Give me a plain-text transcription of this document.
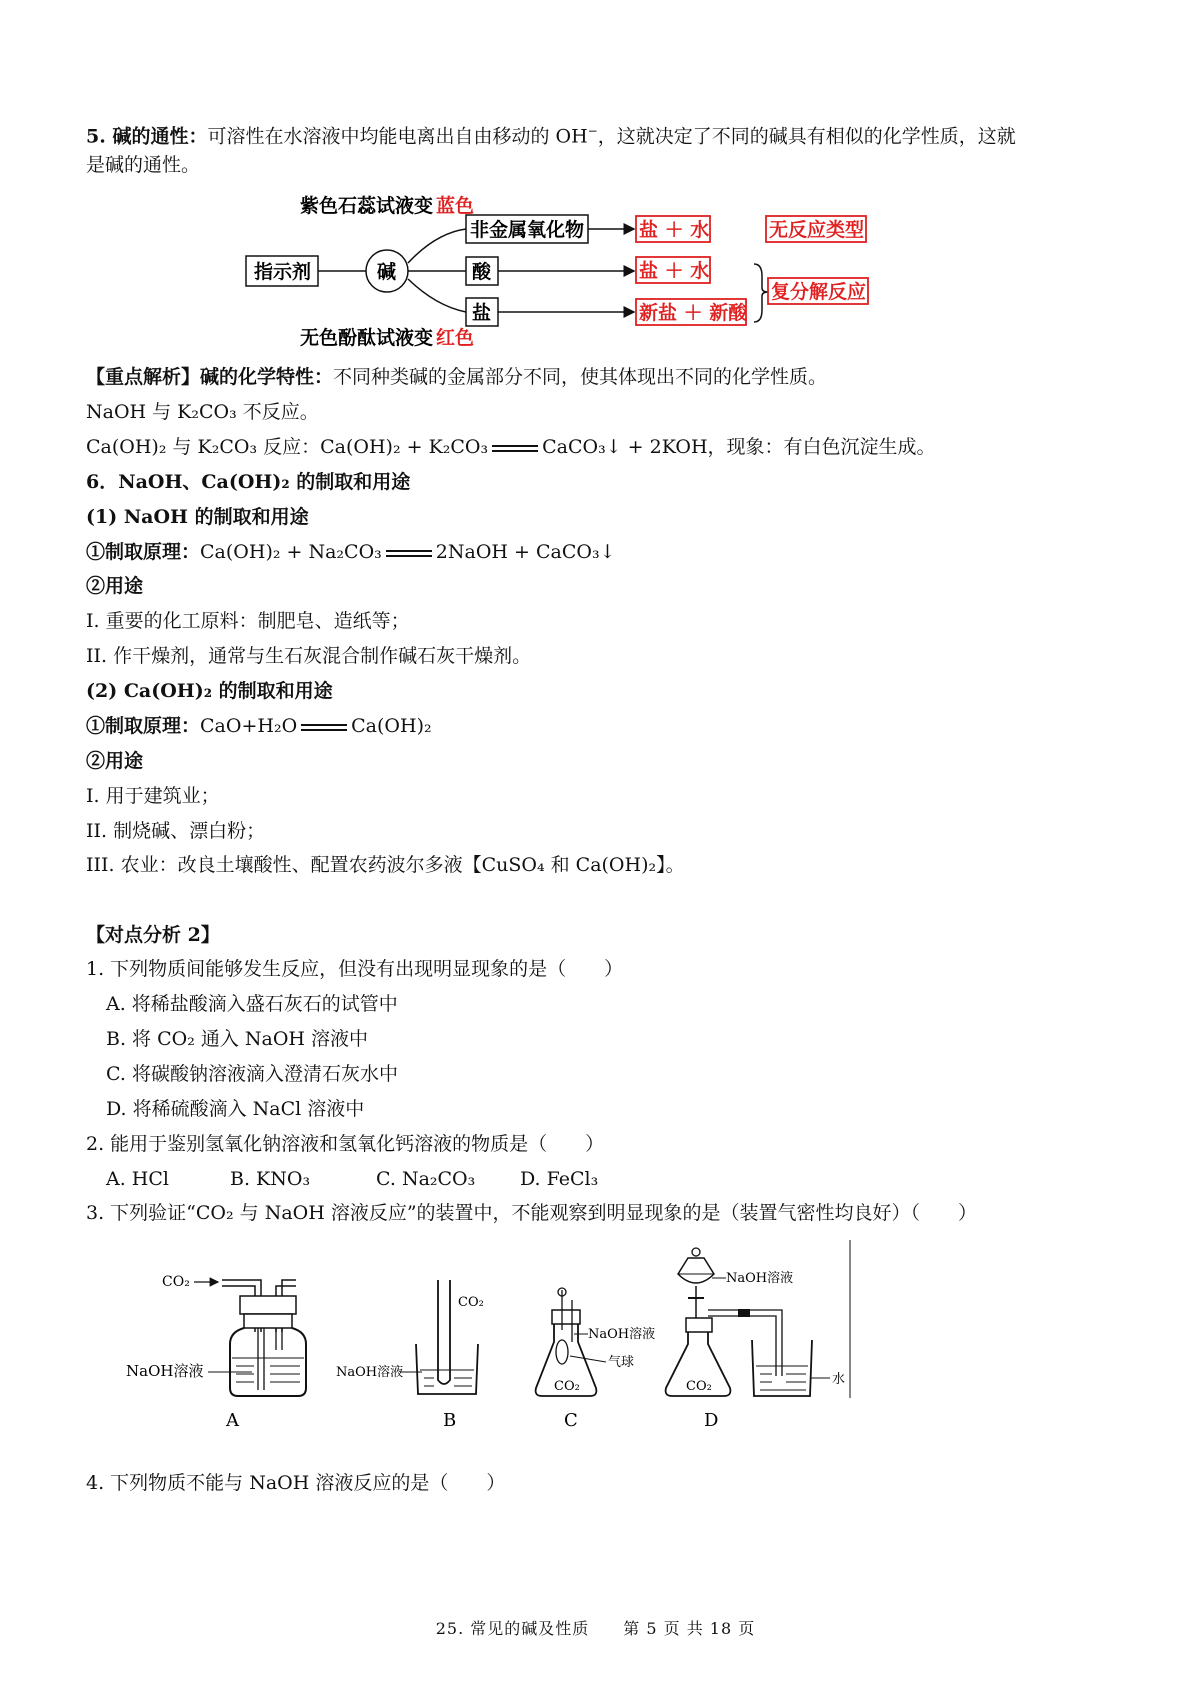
5. 碱的通性：可溶性在水溶液中均能电离出自由移动的 OH−，这就决定了不同的碱具有相似的化学性质，这就
是碱的通性。
紫色石蕊试液变 蓝色
无色酚酞试液变 红色
指示剂	碱
非金属氧化物
酸
盐
盐 ＋ 水
盐 ＋ 水
新盐 ＋ 新酸
无反应类型
复分解反应
【重点解析】碱的化学特性：不同种类碱的金属部分不同，使其体现出不同的化学性质。
NaOH 与 K₂CO₃ 不反应。
Ca(OH)₂ 与 K₂CO₃ 反应：Ca(OH)₂ + K₂CO₃	CaCO₃↓ + 2KOH，现象：有白色沉淀生成。
6．NaOH、Ca(OH)₂ 的制取和用途
(1) NaOH 的制取和用途
①制取原理：Ca(OH)₂ + Na₂CO₃	2NaOH + CaCO₃↓
②用途
I. 重要的化工原料：制肥皂、造纸等；
II. 作干燥剂，通常与生石灰混合制作碱石灰干燥剂。
(2) Ca(OH)₂ 的制取和用途
①制取原理：CaO+H₂O	Ca(OH)₂
②用途
I. 用于建筑业；
II. 制烧碱、漂白粉；
III. 农业：改良土壤酸性、配置农药波尔多液【CuSO₄ 和 Ca(OH)₂】。
【对点分析 2】
1. 下列物质间能够发生反应，但没有出现明显现象的是（　　）
A. 将稀盐酸滴入盛石灰石的试管中
B. 将 CO₂ 通入 NaOH 溶液中
C. 将碳酸钠溶液滴入澄清石灰水中
D. 将稀硫酸滴入 NaCl 溶液中
2. 能用于鉴别氢氧化钠溶液和氢氧化钙溶液的物质是（　　）
A. HCl	B. KNO₃	C. Na₂CO₃ D. FeCl₃
3. 下列验证“CO₂ 与 NaOH 溶液反应”的装置中，不能观察到明显现象的是（装置气密性均良好）（　　）
CO₂
NaOH溶液
A
CO₂
NaOH溶液
B
NaOH溶液
气球
CO₂
C
NaOH溶液
CO₂	水
D
4. 下列物质不能与 NaOH 溶液反应的是（　　）
25. 常见的碱及性质　　第 5 页 共 18 页
